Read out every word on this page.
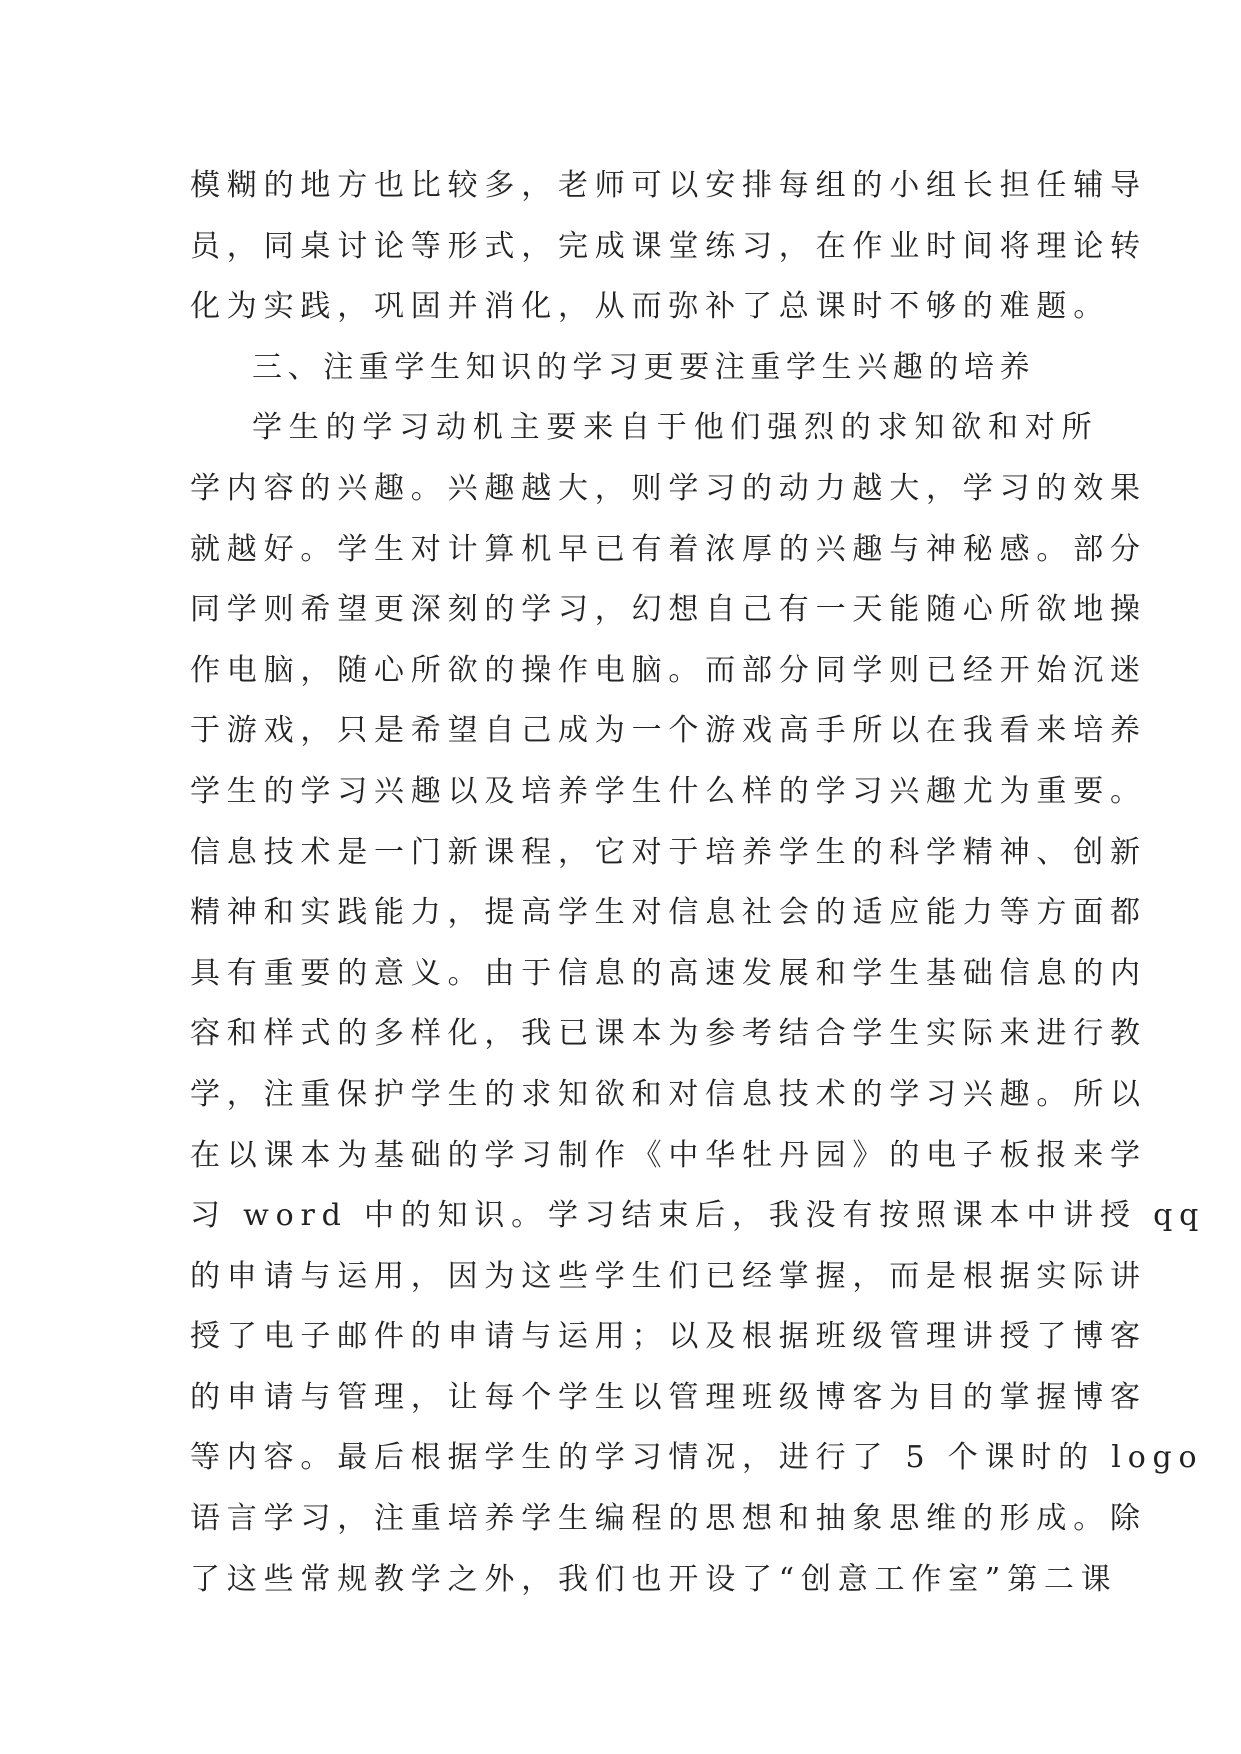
模糊的地方也比较多，老师可以安排每组的小组长担任辅导
员，同桌讨论等形式，完成课堂练习，在作业时间将理论转
化为实践，巩固并消化，从而弥补了总课时不够的难题。
三、注重学生知识的学习更要注重学生兴趣的培养
学生的学习动机主要来自于他们强烈的求知欲和对所
学内容的兴趣。兴趣越大，则学习的动力越大，学习的效果
就越好。学生对计算机早已有着浓厚的兴趣与神秘感。部分
同学则希望更深刻的学习，幻想自己有一天能随心所欲地操
作电脑，随心所欲的操作电脑。而部分同学则已经开始沉迷
于游戏，只是希望自己成为一个游戏高手所以在我看来培养
学生的学习兴趣以及培养学生什么样的学习兴趣尤为重要。
信息技术是一门新课程，它对于培养学生的科学精神、创新
精神和实践能力，提高学生对信息社会的适应能力等方面都
具有重要的意义。由于信息的高速发展和学生基础信息的内
容和样式的多样化，我已课本为参考结合学生实际来进行教
学，注重保护学生的求知欲和对信息技术的学习兴趣。所以
在以课本为基础的学习制作《中华牡丹园》的电子板报来学
习 word 中的知识。学习结束后，我没有按照课本中讲授 qq
的申请与运用，因为这些学生们已经掌握，而是根据实际讲
授了电子邮件的申请与运用；以及根据班级管理讲授了博客
的申请与管理，让每个学生以管理班级博客为目的掌握博客
等内容。最后根据学生的学习情况，进行了 5 个课时的 logo
语言学习，注重培养学生编程的思想和抽象思维的形成。除
了这些常规教学之外，我们也开设了“创意工作室”第二课
